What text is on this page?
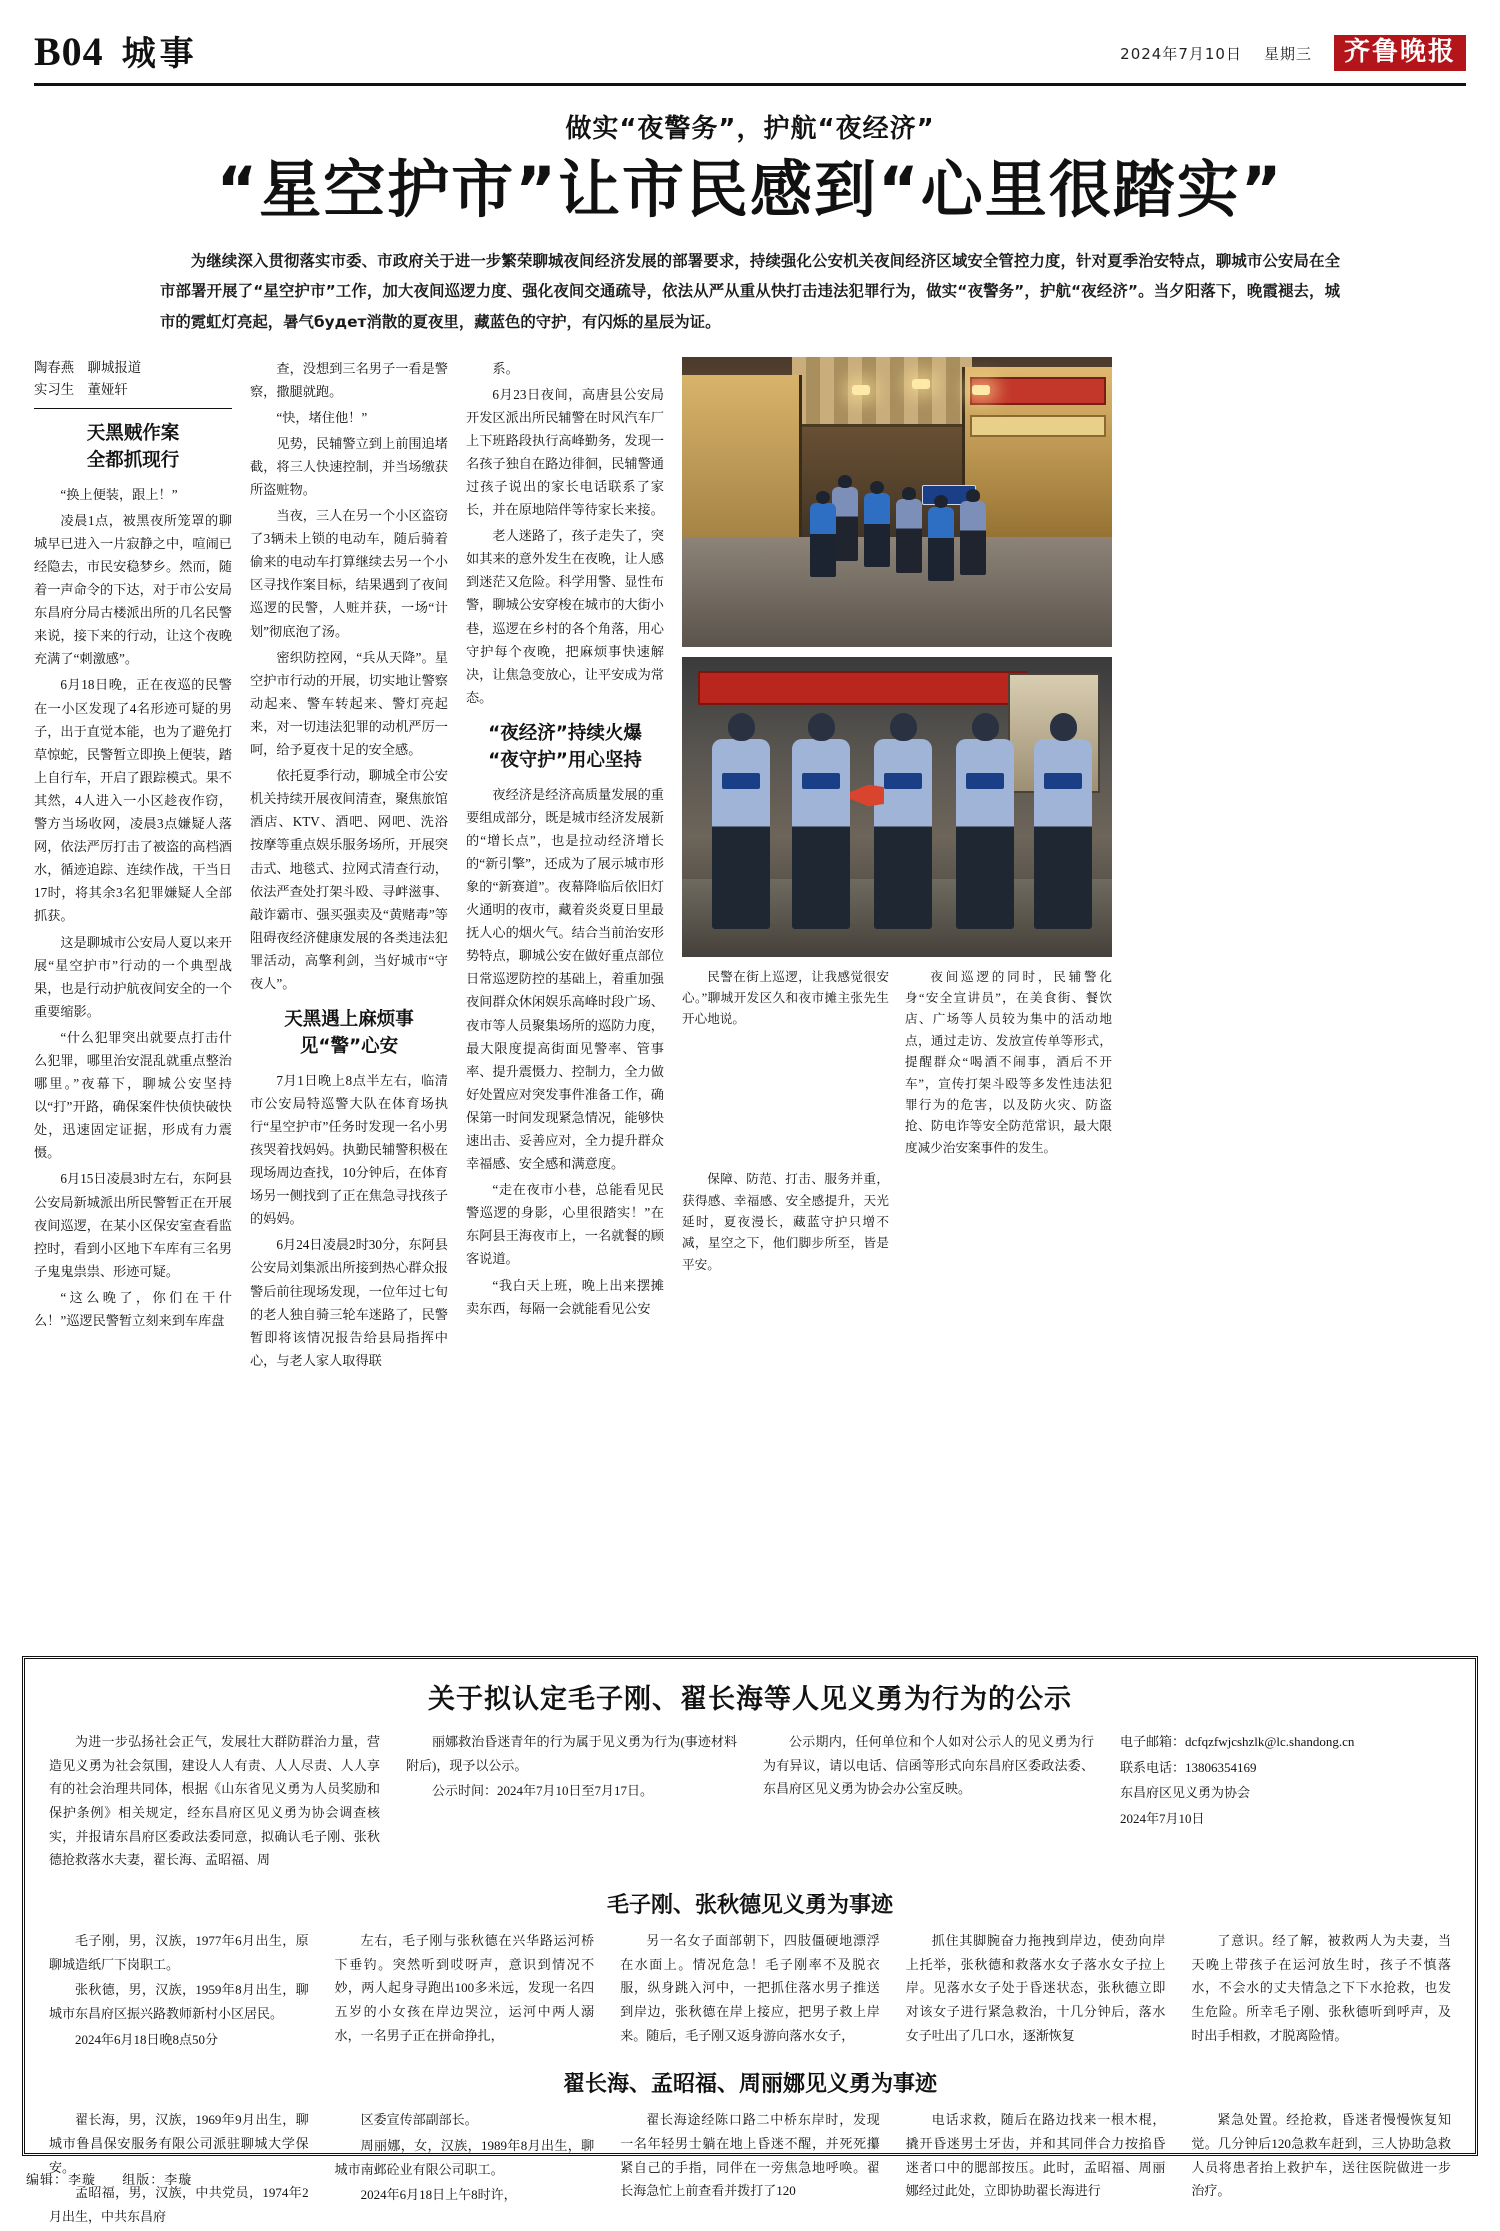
B04 城事	2024年7月10日 星期三	齐鲁晚报
做实“夜警务”，护航“夜经济”
“星空护市”让市民感到“心里很踏实”
为继续深入贯彻落实市委、市政府关于进一步繁荣聊城夜间经济发展的部署要求，持续强化公安机关夜间经济区域安全管控力度，针对夏季治安特点，聊城市公安局在全市部署开展了“星空护市”工作，加大夜间巡逻力度、强化夜间交通疏导，依法从严从重从快打击违法犯罪行为，做实“夜警务”，护航“夜经济”。当夕阳落下，晚霞褪去，城市的霓虹灯亮起，暑气будет消散的夏夜里，藏蓝色的守护，有闪烁的星辰为证。
陶春燕　聊城报道
实习生　董娅轩
天黑贼作案
全都抓现行

“换上便装，跟上！”

凌晨1点，被黑夜所笼罩的聊城早已进入一片寂静之中，喧闹已经隐去，市民安稳梦乡。然而，随着一声命令的下达，对于市公安局东昌府分局古楼派出所的几名民警来说，接下来的行动，让这个夜晚充满了“刺激感”。

6月18日晚，正在夜巡的民警在一小区发现了4名形迹可疑的男子，出于直觉本能，也为了避免打草惊蛇，民警暂立即换上便装，踏上自行车，开启了跟踪模式。果不其然，4人进入一小区趁夜作窃，警方当场收网，凌晨3点嫌疑人落网，依法严厉打击了被盗的高档酒水，循迹追踪、连续作战，干当日17时，将其余3名犯罪嫌疑人全部抓获。

这是聊城市公安局人夏以来开展“星空护市”行动的一个典型战果，也是行动护航夜间安全的一个重要缩影。

“什么犯罪突出就要点打击什么犯罪，哪里治安混乱就重点整治哪里。”夜幕下，聊城公安坚持以“打”开路，确保案件快侦快破快处，迅速固定证据，形成有力震慑。

6月15日凌晨3时左右，东阿县公安局新城派出所民警暂正在开展夜间巡逻，在某小区保安室查看监控时，看到小区地下车库有三名男子鬼鬼祟祟、形迹可疑。

“这么晚了，你们在干什么！”巡逻民警暂立刻来到车库盘

查，没想到三名男子一看是警察，撒腿就跑。

“快，堵住他！”

见势，民辅警立到上前围追堵截，将三人快速控制，并当场缴获所盗赃物。

当夜，三人在另一个小区盗窃了3辆未上锁的电动车，随后骑着偷来的电动车打算继续去另一个小区寻找作案目标，结果遇到了夜间巡逻的民警，人赃并获，一场“计划”彻底泡了汤。

密织防控网，“兵从天降”。星空护市行动的开展，切实地让警察动起来、警车转起来、警灯亮起来，对一切违法犯罪的动机严厉一呵，给予夏夜十足的安全感。

依托夏季行动，聊城全市公安机关持续开展夜间清查，聚焦旅馆酒店、KTV、酒吧、网吧、洗浴按摩等重点娱乐服务场所，开展突击式、地毯式、拉网式清查行动，依法严查处打架斗殴、寻衅滋事、敲诈霸市、强买强卖及“黄赌毒”等阻碍夜经济健康发展的各类违法犯罪活动，高擎利剑，当好城市“守夜人”。

天黑遇上麻烦事
见“警”心安

7月1日晚上8点半左右，临清市公安局特巡警大队在体育场执行“星空护市”任务时发现一名小男孩哭着找妈妈。执勤民辅警积极在现场周边查找，10分钟后，在体育场另一侧找到了正在焦急寻找孩子的妈妈。

6月24日凌晨2时30分，东阿县公安局刘集派出所接到热心群众报警后前往现场发现，一位年过七旬的老人独自骑三轮车迷路了，民警暂即将该情况报告给县局指挥中心，与老人家人取得联

系。

6月23日夜间，高唐县公安局开发区派出所民辅警在时风汽车厂上下班路段执行高峰勤务，发现一名孩子独自在路边徘徊，民辅警通过孩子说出的家长电话联系了家长，并在原地陪伴等待家长来接。

老人迷路了，孩子走失了，突如其来的意外发生在夜晚，让人感到迷茫又危险。科学用警、显性布警，聊城公安穿梭在城市的大街小巷，巡逻在乡村的各个角落，用心守护每个夜晚，把麻烦事快速解决，让焦急变放心，让平安成为常态。

“夜经济”持续火爆
“夜守护”用心坚持

夜经济是经济高质量发展的重要组成部分，既是城市经济发展新的“增长点”，也是拉动经济增长的“新引擎”，还成为了展示城市形象的“新赛道”。夜幕降临后依旧灯火通明的夜市，藏着炎炎夏日里最抚人心的烟火气。结合当前治安形势特点，聊城公安在做好重点部位日常巡逻防控的基础上，着重加强夜间群众休闲娱乐高峰时段广场、夜市等人员聚集场所的巡防力度，最大限度提高街面见警率、管事率、提升震慑力、控制力，全力做好处置应对突发事件准备工作，确保第一时间发现紧急情况，能够快速出击、妥善应对，全力提升群众幸福感、安全感和满意度。

“走在夜市小巷，总能看见民警巡逻的身影，心里很踏实！”在东阿县王海夜市上，一名就餐的顾客说道。

“我白天上班，晚上出来摆摊卖东西，每隔一会就能看见公安

民警在街上巡逻，让我感觉很安心。”聊城开发区久和夜市摊主张先生开心地说。
夜间巡逻的同时，民辅警化身“安全宣讲员”，在美食街、餐饮店、广场等人员较为集中的活动地点，通过走访、发放宣传单等形式，提醒群众“喝酒不闹事，酒后不开车”，宣传打架斗殴等多发性违法犯罪行为的危害，以及防火灾、防盗抢、防电诈等安全防范常识，最大限度减少治安案事件的发生。
保障、防范、打击、服务并重，获得感、幸福感、安全感提升，天光延时，夏夜漫长，藏蓝守护只增不减，星空之下，他们脚步所至，皆是平安。
关于拟认定毛子刚、翟长海等人见义勇为行为的公示

为进一步弘扬社会正气，发展壮大群防群治力量，营造见义勇为社会氛围，建设人人有责、人人尽责、人人享有的社会治理共同体，根据《山东省见义勇为人员奖励和保护条例》相关规定，经东昌府区见义勇为协会调查核实，并报请东昌府区委政法委同意，拟确认毛子刚、张秋德抢救落水夫妻，翟长海、孟昭福、周

丽娜救治昏迷青年的行为属于见义勇为行为(事迹材料附后)，现予以公示。

公示时间：2024年7月10日至7月17日。

公示期内，任何单位和个人如对公示人的见义勇为行为有异议，请以电话、信函等形式向东昌府区委政法委、东昌府区见义勇为协会办公室反映。

电子邮箱：dcfqzfwjcshzlk@lc.shandong.cn

联系电话：13806354169

东昌府区见义勇为协会

2024年7月10日

毛子刚、张秋德见义勇为事迹

毛子刚，男，汉族，1977年6月出生，原聊城造纸厂下岗职工。

张秋德，男，汉族，1959年8月出生，聊城市东昌府区振兴路教师新村小区居民。

2024年6月18日晚8点50分

左右，毛子刚与张秋德在兴华路运河桥下垂钓。突然听到哎呀声，意识到情况不妙，两人起身寻跑出100多米远，发现一名四五岁的小女孩在岸边哭泣，运河中两人溺水，一名男子正在拼命挣扎，

另一名女子面部朝下，四肢僵硬地漂浮在水面上。情况危急！毛子刚率不及脱衣服，纵身跳入河中，一把抓住落水男子推送到岸边，张秋德在岸上接应，把男子救上岸来。随后，毛子刚又返身游向落水女子，

抓住其脚腕奋力拖拽到岸边，使劲向岸上托举，张秋德和救落水女子落水女子拉上岸。见落水女子处于昏迷状态，张秋德立即对该女子进行紧急救治，十几分钟后，落水女子吐出了几口水，逐渐恢复

了意识。经了解，被救两人为夫妻，当天晚上带孩子在运河放生时，孩子不慎落水，不会水的丈夫情急之下下水抢救，也发生危险。所幸毛子刚、张秋德听到呼声，及时出手相救，才脱离险情。

翟长海、孟昭福、周丽娜见义勇为事迹

翟长海，男，汉族，1969年9月出生，聊城市鲁昌保安服务有限公司派驻聊城大学保安。

孟昭福，男，汉族，中共党员，1974年2月出生，中共东昌府

区委宣传部副部长。

周丽娜，女，汉族，1989年8月出生，聊城市南邺砼业有限公司职工。

2024年6月18日上午8时许，

翟长海途经陈口路二中桥东岸时，发现一名年轻男士躺在地上昏迷不醒，并死死攥紧自己的手指，同伴在一旁焦急地呼唤。翟长海急忙上前查看并拨打了120

电话求救，随后在路边找来一根木棍，撬开昏迷男士牙齿，并和其同伴合力按掐昏迷者口中的腮部按压。此时，孟昭福、周丽娜经过此处，立即协助翟长海进行

紧急处置。经抢救，昏迷者慢慢恢复知觉。几分钟后120急救车赶到，三人协助急救人员将患者抬上救护车，送往医院做进一步治疗。

编辑：李璇 组版：李璇
